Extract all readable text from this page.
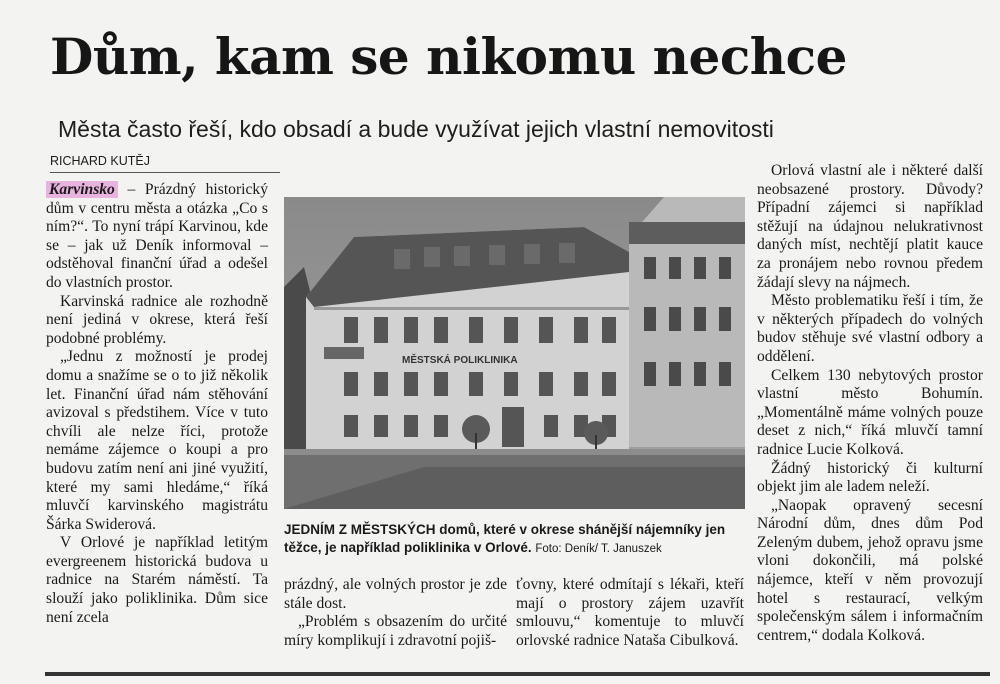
Dům, kam se nikomu nechce
Města často řeší, kdo obsadí a bude využívat jejich vlastní nemovitosti
RICHARD KUTĚJ

Karvinsko – Prázdný historický dům v centru města a otázka „Co s ním?“. To nyní trápí Karvinou, kde se – jak už Deník informoval – odstěhoval finanční úřad a odešel do vlastních prostor.

Karvinská radnice ale rozhodně není jediná v okrese, která řeší podobné problémy.

„Jednu z možností je prodej domu a snažíme se o to již několik let. Finanční úřad nám stěhování avizoval s předstihem. Více v tuto chvíli ale nelze říci, protože nemáme zájemce o koupi a pro budovu zatím není ani jiné využití, které my sami hledáme,“ říká mluvčí karvinského magistrátu Šárka Swiderová.

V Orlové je například letitým evergreenem historická budova u radnice na Starém náměstí. Ta slouží jako poliklinika. Dům sice není zcela

MĚSTSKÁ POLIKLINIKA
JEDNÍM Z MĚSTSKÝCH domů, které v okrese shánější nájemníky jen těžce, je například poliklinika v Orlové. Foto: Deník/ T. Januszek

prázdný, ale volných prostor je zde stále dost.

„Problém s obsazením do určité míry komplikují i zdravotní pojiš-

ťovny, které odmítají s lékaři, kteří mají o prostory zájem uzavřít smlouvu,“ komentuje to mluvčí orlovské radnice Nataša Cibulková.

Orlová vlastní ale i některé další neobsazené prostory. Důvody? Případní zájemci si například stěžují na údajnou nelukrativnost daných míst, nechtějí platit kauce za pronájem nebo rovnou předem žádají slevy na nájmech.

Město problematiku řeší i tím, že v některých případech do volných budov stěhuje své vlastní odbory a oddělení.

Celkem 130 nebytových prostor vlastní město Bohumín. „Momentálně máme volných pouze deset z nich,“ říká mluvčí tamní radnice Lucie Kolková.

Žádný historický či kulturní objekt jim ale ladem neleží.

„Naopak opravený secesní Národní dům, dnes dům Pod Zeleným dubem, jehož opravu jsme vloni dokončili, má polské nájemce, kteří v něm provozují hotel s restaurací, velkým společenským sálem i informačním centrem,“ dodala Kolková.
